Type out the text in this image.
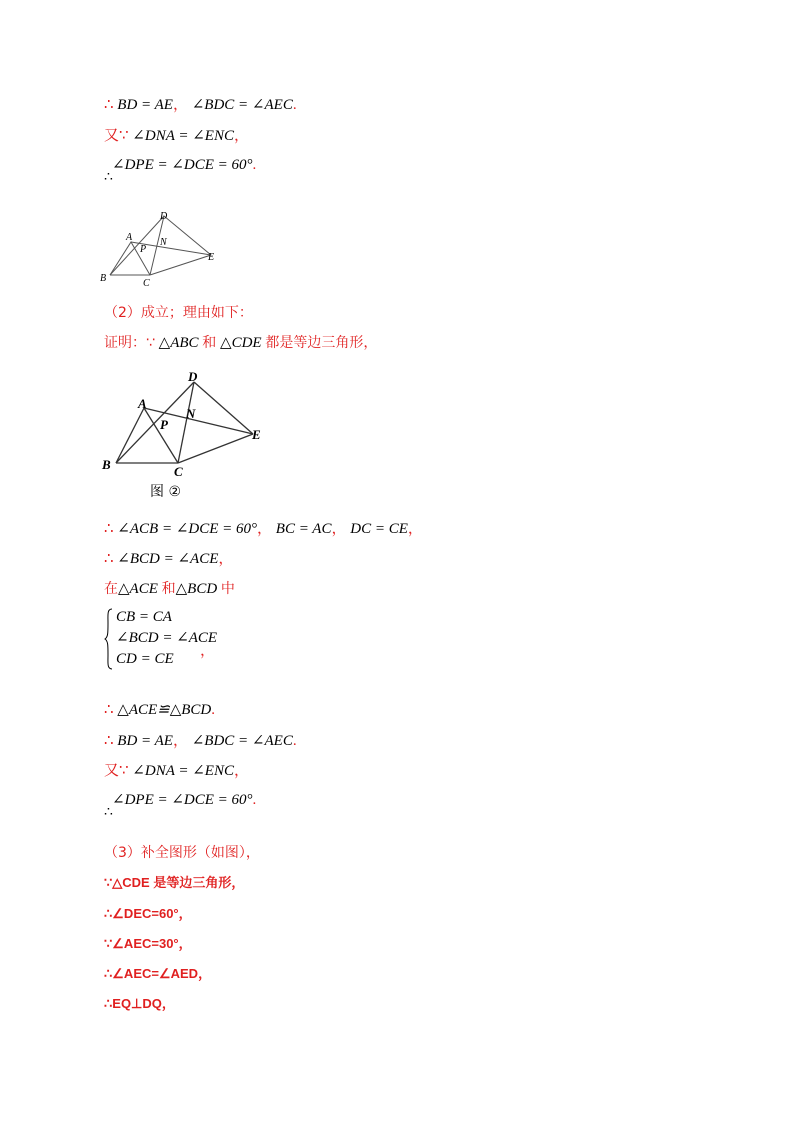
∴ BD = AE， ∠BDC = ∠AEC.
又∵ ∠DNA = ∠ENC，
∠DPE = ∠DCE = 60°.
∴
D
A
P
N
E
B	C
（2）成立；理由如下：
证明：∵ △ABC 和 △CDE 都是等边三角形，
D
A
P
N
E
B	C
图 ②
∴ ∠ACB = ∠DCE = 60°， BC = AC， DC = CE，
∴ ∠BCD = ∠ACE，
在△ACE 和△BCD 中
CB = CA
∠BCD = ∠ACE
CD = CE ，
∴ △ACE≌△BCD.
∴ BD = AE， ∠BDC = ∠AEC.
又∵ ∠DNA = ∠ENC，
∠DPE = ∠DCE = 60°.
∴
（3）补全图形（如图），
∵△CDE 是等边三角形，
∴∠DEC=60°，
∵∠AEC=30°，
∴∠AEC=∠AED，
∴EQ⊥DQ，
